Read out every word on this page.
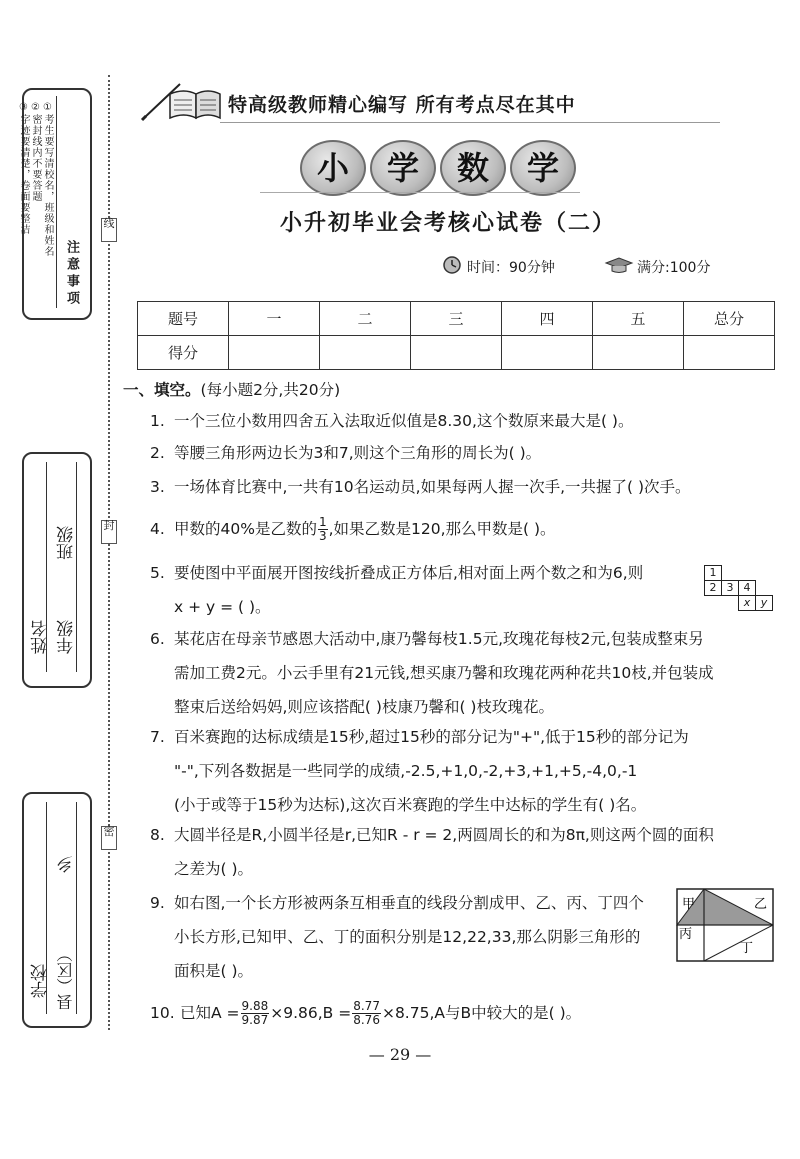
注意事项
①考生要写清校名，班级和姓名
②密封线内不要答题
③字迹要清楚，卷面要整洁
班级
年级
姓名
乡
县（区）
学校
线
封
密
特高级教师精心编写 所有考点尽在其中
小	学	数	学
小升初毕业会考核心试卷（二）
时间：90分钟	满分:100分
题号	一	二	三	四	五	总分
得分						
一、填空。(每小题2分,共20分)
1. 一个三位小数用四舍五入法取近似值是8.30,这个数原来最大是( )。
2. 等腰三角形两边长为3和7,则这个三角形的周长为( )。
3. 一场体育比赛中,一共有10名运动员,如果每两人握一次手,一共握了( )次手。
4. 甲数的40%是乙数的 $\frac{1}{3}$ ,如果乙数是120,那么甲数是( )。
5. 要使图中平面展开图按线折叠成正方体后,相对面上两个数之和为6,则
x + y = ( )。
1
2 3 4
x y
6. 某花店在母亲节感恩大活动中,康乃馨每枝1.5元,玫瑰花每枝2元,包装成整束另
需加工费2元。小云手里有21元钱,想买康乃馨和玫瑰花两种花共10枝,并包装成
整束后送给妈妈,则应该搭配( )枝康乃馨和( )枝玫瑰花。
7. 百米赛跑的达标成绩是15秒,超过15秒的部分记为"+",低于15秒的部分记为
"-",下列各数据是一些同学的成绩,-2.5,+1,0,-2,+3,+1,+5,-4,0,-1
(小于或等于15秒为达标),这次百米赛跑的学生中达标的学生有( )名。
8. 大圆半径是R,小圆半径是r,已知R - r = 2,两圆周长的和为8π,则这两个圆的面积
之差为( )。
9. 如右图,一个长方形被两条互相垂直的线段分割成甲、乙、丙、丁四个
小长方形,已知甲、乙、丁的面积分别是12,22,33,那么阴影三角形的
面积是( )。
甲	乙
丙
丁
10. 已知$A = \frac{9.88}{9.87} \times 9.86,B = \frac{8.77}{8.76} \times 8.75,A$与B中较大的是( )。
— 29 —
